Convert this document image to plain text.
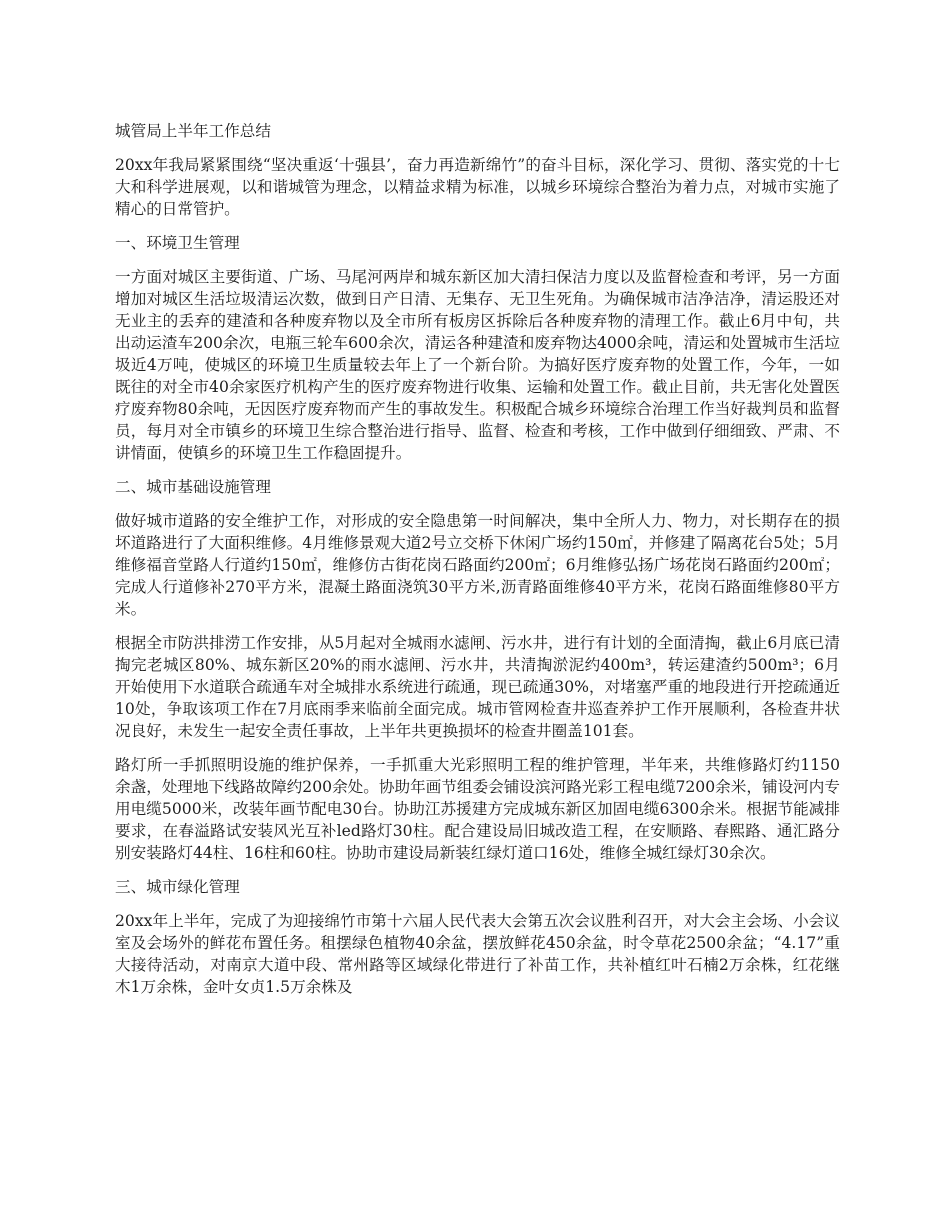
城管局上半年工作总结

20xx年我局紧紧围绕“坚决重返‘十强县’，奋力再造新绵竹”的奋斗目标，深化学习、贯彻、落实党的十七大和科学进展观，以和谐城管为理念，以精益求精为标准，以城乡环境综合整治为着力点，对城市实施了精心的日常管护。

一、环境卫生管理

一方面对城区主要街道、广场、马尾河两岸和城东新区加大清扫保洁力度以及监督检查和考评，另一方面增加对城区生活垃圾清运次数，做到日产日清、无集存、无卫生死角。为确保城市洁净洁净，清运股还对无业主的丢弃的建渣和各种废弃物以及全市所有板房区拆除后各种废弃物的清理工作。截止6月中旬，共出动运渣车200余次，电瓶三轮车600余次，清运各种建渣和废弃物达4000余吨，清运和处置城市生活垃圾近4万吨，使城区的环境卫生质量较去年上了一个新台阶。为搞好医疗废弃物的处置工作，今年，一如既往的对全市40余家医疗机构产生的医疗废弃物进行收集、运输和处置工作。截止目前，共无害化处置医疗废弃物80余吨，无因医疗废弃物而产生的事故发生。积极配合城乡环境综合治理工作当好裁判员和监督员，每月对全市镇乡的环境卫生综合整治进行指导、监督、检查和考核，工作中做到仔细细致、严肃、不讲情面，使镇乡的环境卫生工作稳固提升。

二、城市基础设施管理

做好城市道路的安全维护工作，对形成的安全隐患第一时间解决，集中全所人力、物力，对长期存在的损坏道路进行了大面积维修。4月维修景观大道2号立交桥下休闲广场约150㎡，并修建了隔离花台5处；5月维修福音堂路人行道约150㎡，维修仿古街花岗石路面约200㎡；6月维修弘扬广场花岗石路面约200㎡；完成人行道修补270平方米，混凝土路面浇筑30平方米,沥青路面维修40平方米，花岗石路面维修80平方米。

根据全市防洪排涝工作安排，从5月起对全城雨水滤闸、污水井，进行有计划的全面清掏，截止6月底已清掏完老城区80%、城东新区20%的雨水滤闸、污水井，共清掏淤泥约400m³，转运建渣约500m³；6月开始使用下水道联合疏通车对全城排水系统进行疏通，现已疏通30%，对堵塞严重的地段进行开挖疏通近10处，争取该项工作在7月底雨季来临前全面完成。城市管网检查井巡查养护工作开展顺利，各检查井状况良好，未发生一起安全责任事故，上半年共更换损坏的检查井圈盖101套。

路灯所一手抓照明设施的维护保养，一手抓重大光彩照明工程的维护管理，半年来，共维修路灯约1150余盏，处理地下线路故障约200余处。协助年画节组委会铺设滨河路光彩工程电缆7200余米，铺设河内专用电缆5000米，改装年画节配电30台。协助江苏援建方完成城东新区加固电缆6300余米。根据节能减排要求，在春溢路试安装风光互补led路灯30柱。配合建设局旧城改造工程，在安顺路、春熙路、通汇路分别安装路灯44柱、16柱和60柱。协助市建设局新装红绿灯道口16处，维修全城红绿灯30余次。

三、城市绿化管理

20xx年上半年，完成了为迎接绵竹市第十六届人民代表大会第五次会议胜利召开，对大会主会场、小会议室及会场外的鲜花布置任务。租摆绿色植物40余盆，摆放鲜花450余盆，时令草花2500余盆；“4.17”重大接待活动，对南京大道中段、常州路等区域绿化带进行了补苗工作，共补植红叶石楠2万余株，红花继木1万余株，金叶女贞1.5万余株及
